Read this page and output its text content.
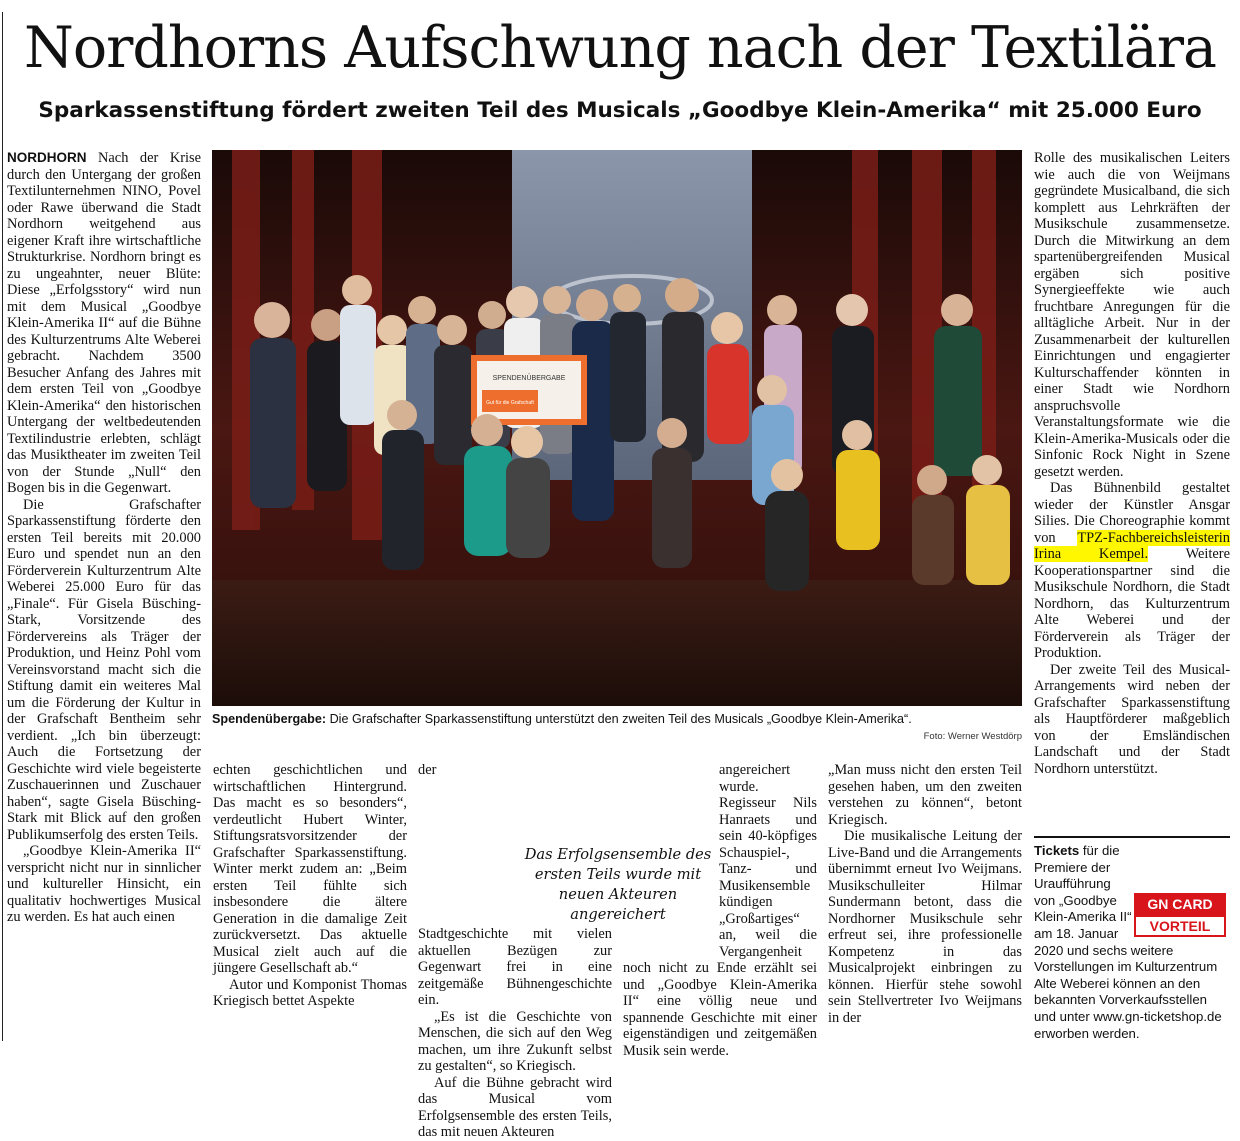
Nordhorns Aufschwung nach der Textilära
Sparkassenstiftung fördert zweiten Teil des Musicals „Goodbye Klein-Amerika“ mit 25.000 Euro

NORDHORN Nach der Krise durch den Untergang der großen Textilunternehmen NINO, Povel oder Rawe überwand die Stadt Nordhorn weitgehend aus eigener Kraft ihre wirtschaftliche Strukturkrise. Nordhorn bringt es zu ungeahnter, neuer Blüte: Diese „Erfolgsstory“ wird nun mit dem Musical „Goodbye Klein-Amerika II“ auf die Bühne des Kulturzentrums Alte Weberei gebracht. Nachdem 3500 Besucher Anfang des Jahres mit dem ersten Teil von „Goodbye Klein-Amerika“ den historischen Untergang der weltbedeutenden Textilindustrie erlebten, schlägt das Musiktheater im zweiten Teil von der Stunde „Null“ den Bogen bis in die Gegenwart.

Die Grafschafter Sparkassenstiftung förderte den ersten Teil bereits mit 20.000 Euro und spendet nun an den Förderverein Kulturzentrum Alte Weberei 25.000 Euro für das „Finale“. Für Gisela Büsching-Stark, Vorsitzende des Fördervereins als Träger der Produktion, und Heinz Pohl vom Vereinsvorstand macht sich die Stiftung damit ein weiteres Mal um die Förderung der Kultur in der Grafschaft Bentheim sehr verdient. „Ich bin überzeugt: Auch die Fortsetzung der Geschichte wird viele begeisterte Zuschauerinnen und Zuschauer haben“, sagte Gisela Büsching-Stark mit Blick auf den großen Publikumserfolg des ersten Teils.

„Goodbye Klein-Amerika II“ verspricht nicht nur in sinnlicher und kultureller Hinsicht, ein qualitativ hochwertiges Musical zu werden. Es hat auch einen

SPENDENÜBERGABE
Gut für die Grafschaft
Spendenübergabe: Die Grafschafter Sparkassenstiftung unterstützt den zweiten Teil des Musicals „Goodbye Klein-Amerika“.
Foto: Werner Westdörp

echten geschichtlichen und wirtschaftlichen Hintergrund. Das macht es so besonders“, verdeutlicht Hubert Winter, Stiftungsratsvorsitzender der Grafschafter Sparkassenstiftung. Winter merkt zudem an: „Beim ersten Teil fühlte sich insbesondere die ältere Generation in die damalige Zeit zurückversetzt. Das aktuelle Musical zielt auch auf die jüngere Gesellschaft ab.“

Autor und Komponist Thomas Kriegisch bettet Aspekte

der Stadtgeschichte mit vielen aktuellen Bezügen zur Gegenwart frei in eine zeitgemäße Bühnengeschichte ein.

„Es ist die Geschichte von Menschen, die sich auf den Weg machen, um ihre Zukunft selbst zu gestalten“, so Kriegisch.

Auf die Bühne gebracht wird das Musical vom Erfolgsensemble des ersten Teils, das mit neuen Akteuren

angereichert wurde. Regisseur Nils Hanraets und sein 40-köpfiges Schauspiel-, Tanz- und Musikensemble kündigen „Großartiges“ an, weil die Vergangenheit noch nicht zu Ende erzählt sei und „Goodbye Klein-Amerika II“ eine völlig neue und spannende Geschichte mit einer eigenständigen und zeitgemäßen Musik sein werde.

Das Erfolgsensemble des ersten Teils wurde mit neuen Akteuren angereichert

„Man muss nicht den ersten Teil gesehen haben, um den zweiten verstehen zu können“, betont Kriegisch.

Die musikalische Leitung der Live-Band und die Arrangements übernimmt erneut Ivo Weijmans. Musikschulleiter Hilmar Sundermann betont, dass die Nordhorner Musikschule sehr erfreut sei, ihre professionelle Kompetenz in das Musicalprojekt einbringen zu können. Hierfür stehe sowohl sein Stellvertreter Ivo Weijmans in der

Rolle des musikalischen Leiters wie auch die von Weijmans gegründete Musicalband, die sich komplett aus Lehrkräften der Musikschule zusammensetze. Durch die Mitwirkung an dem spartenübergreifenden Musical ergäben sich positive Synergieeffekte wie auch fruchtbare Anregungen für die alltägliche Arbeit. Nur in der Zusammenarbeit der kulturellen Einrichtungen und engagierter Kulturschaffender könnten in einer Stadt wie Nordhorn anspruchsvolle Veranstaltungsformate wie die Klein-Amerika-Musicals oder die Sinfonic Rock Night in Szene gesetzt werden.

Das Bühnenbild gestaltet wieder der Künstler Ansgar Silies. Die Choreographie kommt von TPZ-Fachbereichsleisterin Irina Kempel.	Weitere Kooperationspartner sind die Musikschule Nordhorn, die Stadt Nordhorn, das Kulturzentrum Alte Weberei und der Förderverein als Träger der Produktion.

Der zweite Teil des Musical-Arrangements wird neben der Grafschafter Sparkassenstiftung als Hauptförderer maßgeblich von der Emsländischen Landschaft und der Stadt Nordhorn unterstützt.

Tickets für die Premiere der Uraufführung von „Goodbye Klein-Amerika II“ am 18. Januar 2020 und sechs weitere Vorstellungen im Kulturzentrum Alte Weberei können an den bekannten Vorverkaufsstellen und unter www.gn-ticketshop.de erworben werden.
GN CARD
VORTEIL
